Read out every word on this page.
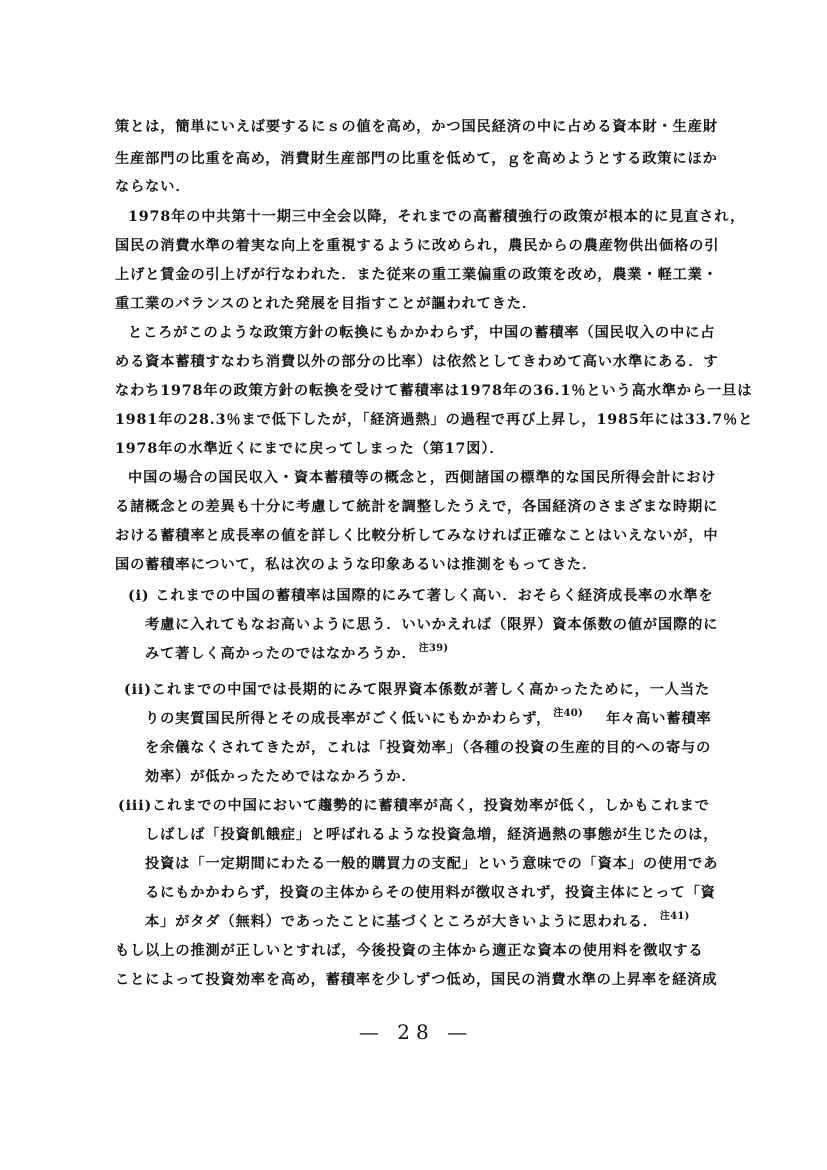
策とは，簡単にいえば要するにｓの値を高め，かつ国民経済の中に占める資本財・生産財
生産部門の比重を高め，消費財生産部門の比重を低めて，ｇを高めようとする政策にほか
ならない．
1978年の中共第十一期三中全会以降，それまでの高蓄積強行の政策が根本的に見直され，
国民の消費水準の着実な向上を重視するように改められ，農民からの農産物供出価格の引
上げと賃金の引上げが行なわれた．また従来の重工業偏重の政策を改め，農業・軽工業・
重工業のバランスのとれた発展を目指すことが謳われてきた．
ところがこのような政策方針の転換にもかかわらず，中国の蓄積率（国民収入の中に占
める資本蓄積すなわち消費以外の部分の比率）は依然としてきわめて高い水準にある．す
なわち1978年の政策方針の転換を受けて蓄積率は1978年の36.1％という高水準から一旦は
1981年の28.3％まで低下したが，「経済過熱」の過程で再び上昇し，1985年には33.7％と
1978年の水準近くにまでに戻ってしまった（第17図）．
中国の場合の国民収入・資本蓄積等の概念と，西側諸国の標準的な国民所得会計におけ
る諸概念との差異も十分に考慮して統計を調整したうえで，各国経済のさまざまな時期に
おける蓄積率と成長率の値を詳しく比較分析してみなければ正確なことはいえないが，中
国の蓄積率について，私は次のような印象あるいは推測をもってきた．
(i) これまでの中国の蓄積率は国際的にみて著しく高い．おそらく経済成長率の水準を
考慮に入れてもなお高いように思う．いいかえれば（限界）資本係数の値が国際的に
みて著しく高かったのではなかろうか． $^{注39)}$
(ii)これまでの中国では長期的にみて限界資本係数が著しく高かったために，一人当た
りの実質国民所得とその成長率がごく低いにもかかわらず， $^{注40)}$ 年々高い蓄積率
を余儀なくされてきたが，これは「投資効率」（各種の投資の生産的目的への寄与の
効率）が低かったためではなかろうか．
(iii)これまでの中国において趨勢的に蓄積率が高く，投資効率が低く，しかもこれまで
しばしば「投資飢餓症」と呼ばれるような投資急増，経済過熱の事態が生じたのは，
投資は「一定期間にわたる一般的購買力の支配」という意味での「資本」の使用であ
るにもかかわらず，投資の主体からその使用料が徴収されず，投資主体にとって「資
本」がタダ（無料）であったことに基づくところが大きいように思われる． $^{注41)}$
もし以上の推測が正しいとすれば，今後投資の主体から適正な資本の使用料を徴収する
ことによって投資効率を高め，蓄積率を少しずつ低め，国民の消費水準の上昇率を経済成
— 28 —
